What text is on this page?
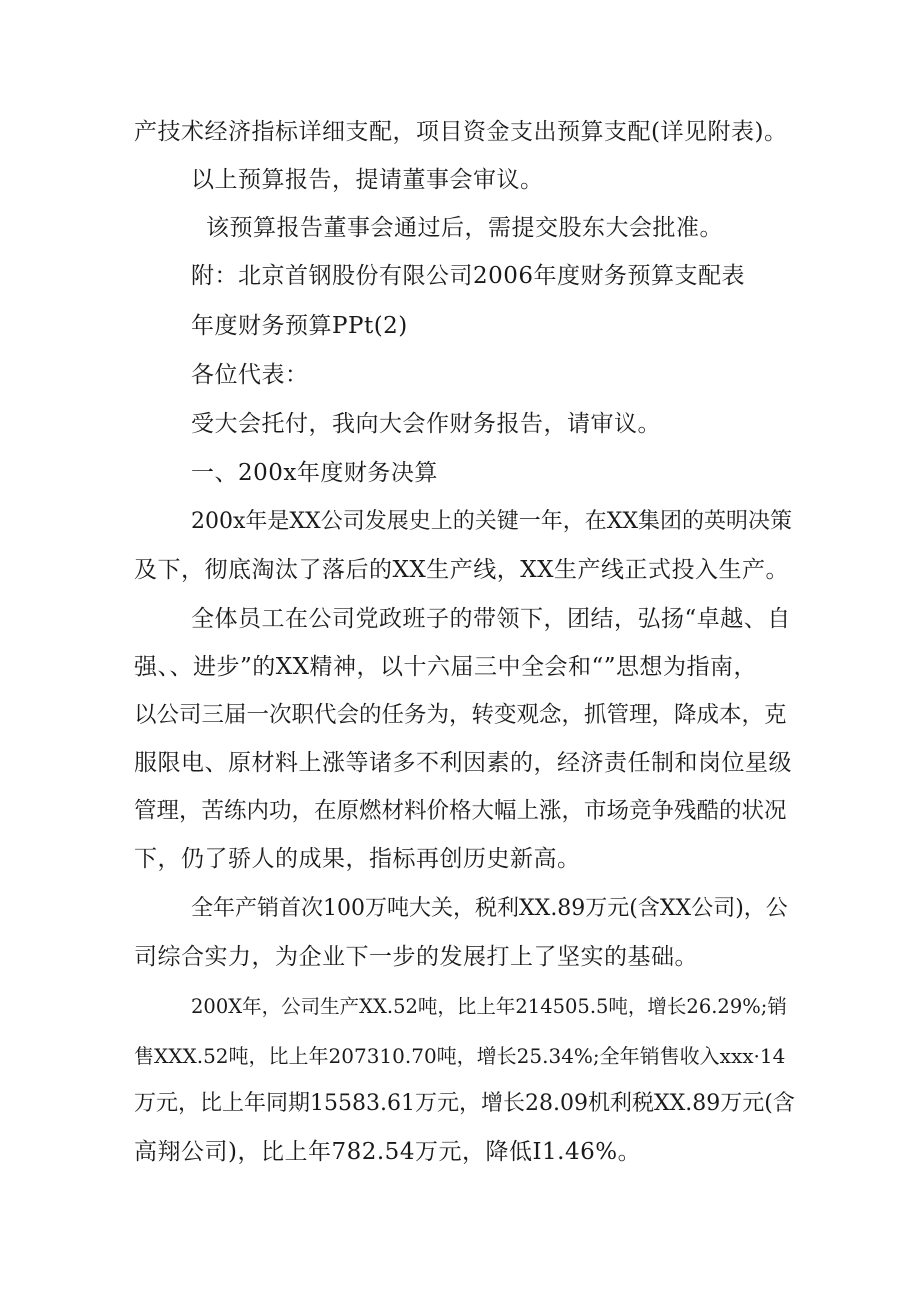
产技术经济指标详细支配，项目资金支出预算支配(详见附表)。
以上预算报告，提请董事会审议。
该预算报告董事会通过后，需提交股东大会批准。
附：北京首钢股份有限公司2006年度财务预算支配表
年度财务预算PPt(2)
各位代表：
受大会托付，我向大会作财务报告，请审议。
一、200x年度财务决算
200x年是XX公司发展史上的关键一年，在XX集团的英明决策
及下，彻底淘汰了落后的XX生产线，XX生产线正式投入生产。
全体员工在公司党政班子的带领下，团结，弘扬“卓越、自
强、、进步”的XX精神，以十六届三中全会和“”思想为指南，
以公司三届一次职代会的任务为，转变观念，抓管理，降成本，克
服限电、原材料上涨等诸多不利因素的，经济责任制和岗位星级
管理，苦练内功，在原燃材料价格大幅上涨，市场竞争残酷的状况
下，仍了骄人的成果，指标再创历史新高。
全年产销首次100万吨大关，税利XX.89万元(含XX公司)，公
司综合实力，为企业下一步的发展打上了坚实的基础。
200X年，公司生产XX.52吨，比上年214505.5吨，增长26.29%;销
售XXX.52吨，比上年207310.70吨，增长25.34%;全年销售收入xxx·14
万元，比上年同期15583.61万元，增长28.09机利税XX.89万元(含
高翔公司)，比上年782.54万元，降低I1.46%。
